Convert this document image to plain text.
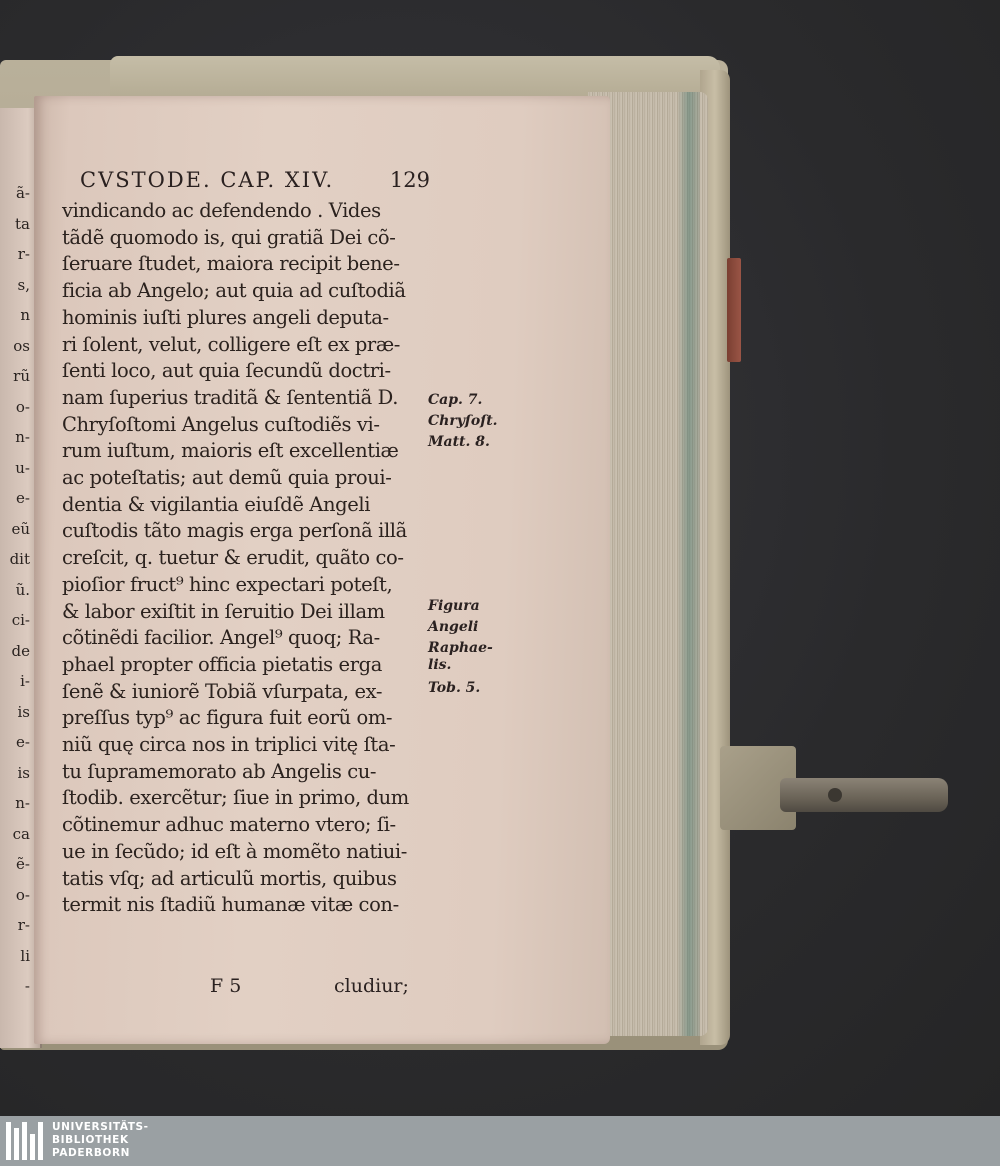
ã-
ta
r-
s,
n
os
rũ
o-
n-
u-
e-
eũ
dit
ũ.
ci-
de
i-
is
e-
is
n-
ca
ẽ-
o-
r-
li
-
CVSTODE. CAP. XIV.	129
vindicando ac defendendo . Vides
tãdẽ quomodo is, qui gratiã Dei cõ-
ſeruare ſtudet, maiora recipit bene-
ficia ab Angelo; aut quia ad cuſtodiã
hominis iuſti plures angeli deputa-
ri ſolent, velut, colligere eſt ex præ-
ſenti loco, aut quia ſecundũ doctri-
nam ſuperius traditã & ſententiã D.
Chryſoſtomi Angelus cuſtodiẽs vi-
rum iuſtum, maioris eſt excellentiæ
ac poteſtatis; aut demũ quia proui-
dentia & vigilantia eiuſdẽ Angeli
cuſtodis tãto magis erga perſonã illã
creſcit, q. tuetur & erudit, quãto co-
pioſior fruct⁹ hinc expectari poteſt,
& labor exiſtit in ſeruitio Dei illam
cõtinẽdi facilior. Angel⁹ quoq; Ra-
phael propter officia pietatis erga
ſenẽ & iuniorẽ Tobiã vſurpata, ex-
preſſus typ⁹ ac figura fuit eorũ om-
niũ quę circa nos in triplici vitę ſta-
tu ſupramemorato ab Angelis cu-
ſtodib. exercẽtur; ſiue in primo, dum
cõtinemur adhuc materno vtero; ſi-
ue in ſecũdo; id eſt à momẽto natiui-
tatis vſq; ad articulũ mortis, quibus
termit nis ſtadiũ humanæ vitæ con-
Cap. 7.
Chryſoſt.
Matt. 8.
Figura
Angeli
Raphae-
lis.
Tob. 5.
F 5	cludiur;
UNIVERSITÄTS-
BIBLIOTHEK
PADERBORN
